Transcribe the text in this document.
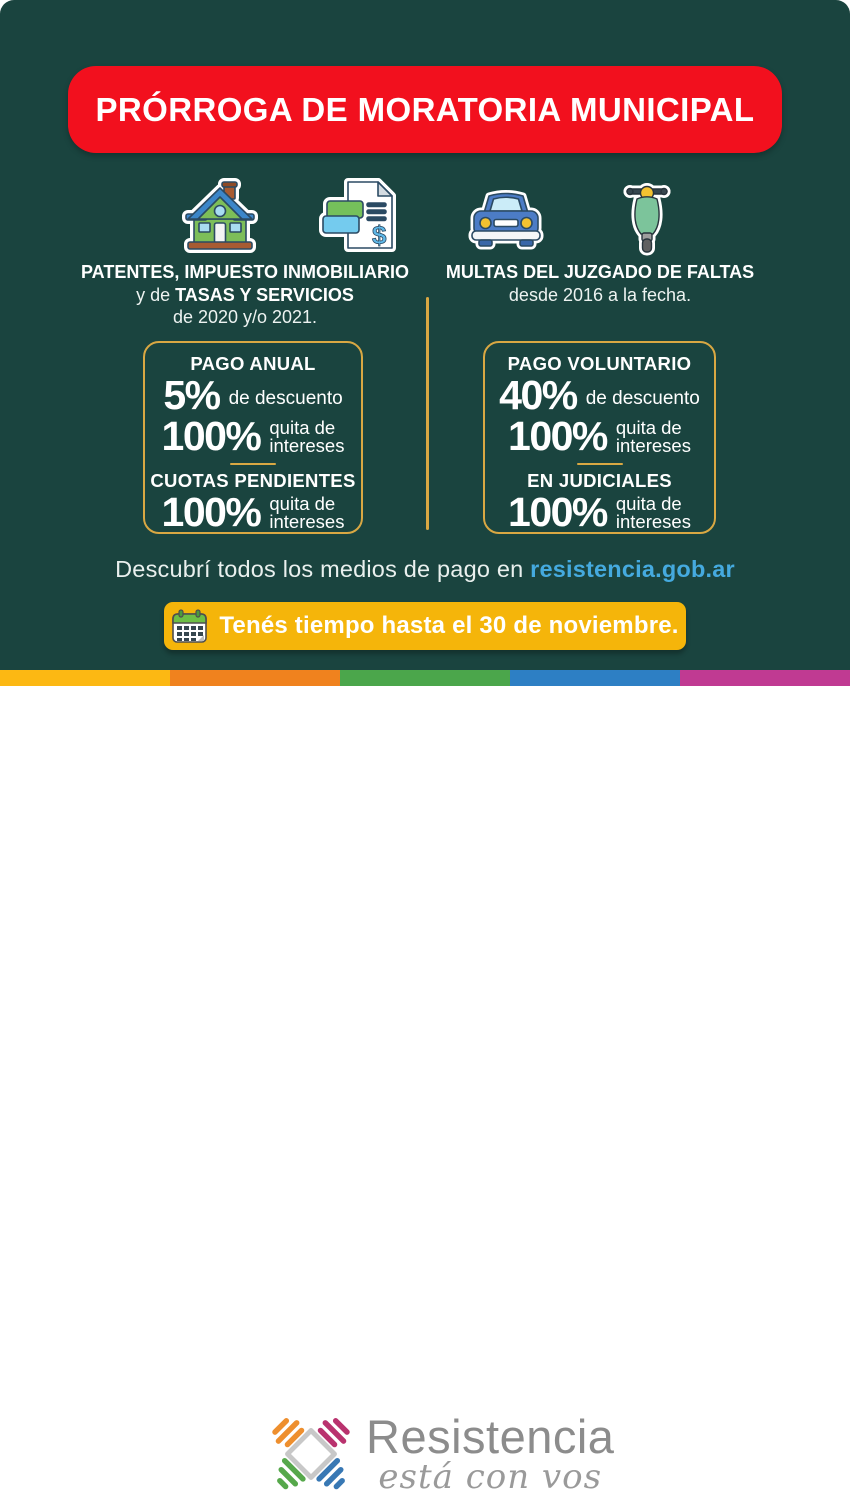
PRÓRROGA DE MORATORIA MUNICIPAL
$
PATENTES, IMPUESTO INMOBILIARIO
y de TASAS Y SERVICIOS
de 2020 y/o 2021.
MULTAS DEL JUZGADO DE FALTAS
desde 2016 a la fecha.
PAGO ANUAL
5% de descuento
100% quita de
intereses
CUOTAS PENDIENTES
100% quita de
intereses
PAGO VOLUNTARIO
40% de descuento
100% quita de
intereses
EN JUDICIALES
100% quita de
intereses
Descubrí todos los medios de pago en resistencia.gob.ar
Tenés tiempo hasta el 30 de noviembre.
Resistencia
está con vos
